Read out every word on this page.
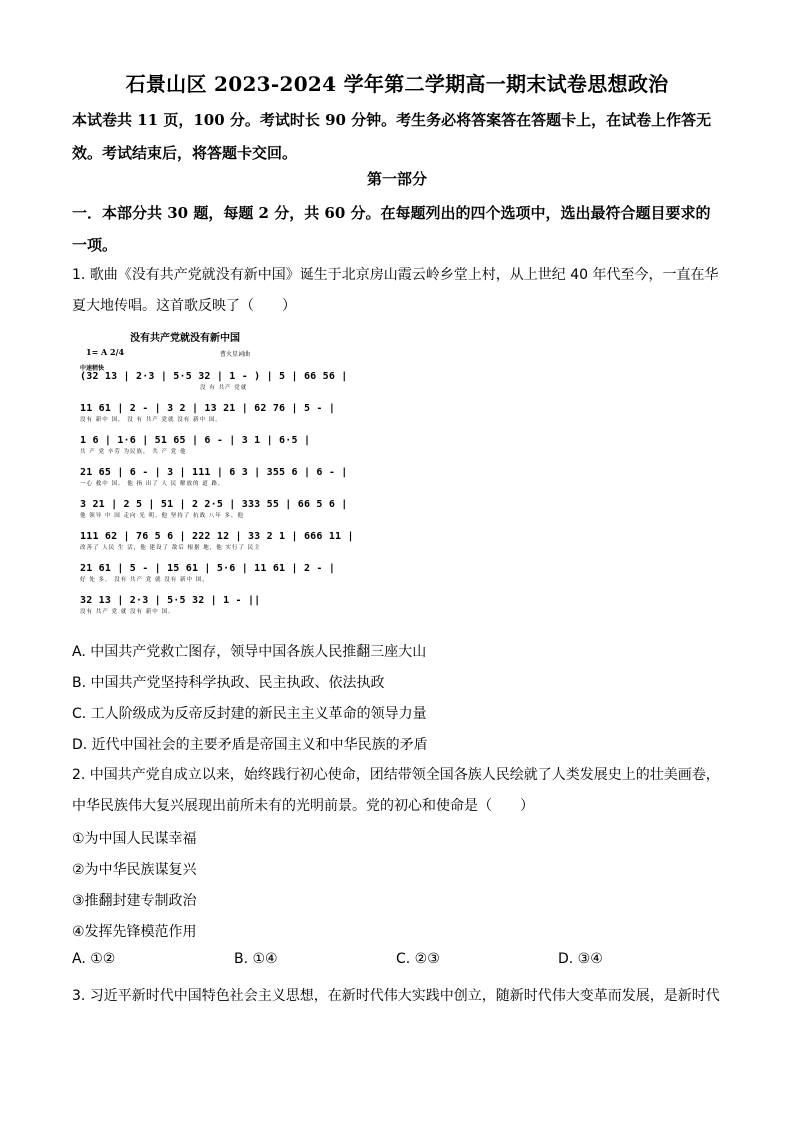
石景山区 2023-2024 学年第二学期高一期末试卷思想政治
本试卷共 11 页，100 分。考试时长 90 分钟。考生务必将答案答在答题卡上，在试卷上作答无效。考试结束后，将答题卡交回。
第一部分
一．本部分共 30 题，每题 2 分，共 60 分。在每题列出的四个选项中，选出最符合题目要求的一项。
1. 歌曲《没有共产党就没有新中国》诞生于北京房山霞云岭乡堂上村，从上世纪 40 年代至今，一直在华夏大地传唱。这首歌反映了（　　）
没有共产党就没有新中国
1= A 2/4	曹火星词曲
中速稍快
(32 13 | 2·3 | 5·5 32 | 1 - ) | 5 | 66 56 |
没 有 共产 党就
11 61 | 2 - | 3 2 | 13 21 | 62 76 | 5 - |
没有 新中 国， 没 有 共产 党就 没有 新中 国。
1 6 | 1·6 | 51 65 | 6 - | 3 1 | 6·5 |
共 产 党 辛劳 为民族， 共 产 党 他
21 65 | 6 - | 3 | 111 | 6 3 | 355 6 | 6 - |
一心 救中 国。 他 指 出了 人 民 解放的 道 路，
3 21 | 2 5 | 51 | 2 2·5 | 333 55 | 66 5 6 |
他 领导 中 国 走向 光 明。他 坚持了 抗战 八年 多，他
111 62 | 76 5 6 | 222 12 | 33 2 1 | 666 11 |
改善了 人民 生 活，他 建设了 敌后 根据 地，他 实行了 民主
21 61 | 5 - | 15 61 | 5·6 | 11 61 | 2 - |
好 处 多。 没有 共产 党 就 没有 新中 国，
32 13 | 2·3 | 5·5 32 | 1 - ||
没有 共产 党 就 没有 新中 国。
A. 中国共产党救亡图存，领导中国各族人民推翻三座大山
B. 中国共产党坚持科学执政、民主执政、依法执政
C. 工人阶级成为反帝反封建的新民主主义革命的领导力量
D. 近代中国社会的主要矛盾是帝国主义和中华民族的矛盾
2. 中国共产党自成立以来，始终践行初心使命，团结带领全国各族人民绘就了人类发展史上的壮美画卷，中华民族伟大复兴展现出前所未有的光明前景。党的初心和使命是（　　）
①为中国人民谋幸福
②为中华民族谋复兴
③推翻封建专制政治
④发挥先锋模范作用
A. ①②	B. ①④	C. ②③	D. ③④
3. 习近平新时代中国特色社会主义思想，在新时代伟大实践中创立，随新时代伟大变革而发展，是新时代
